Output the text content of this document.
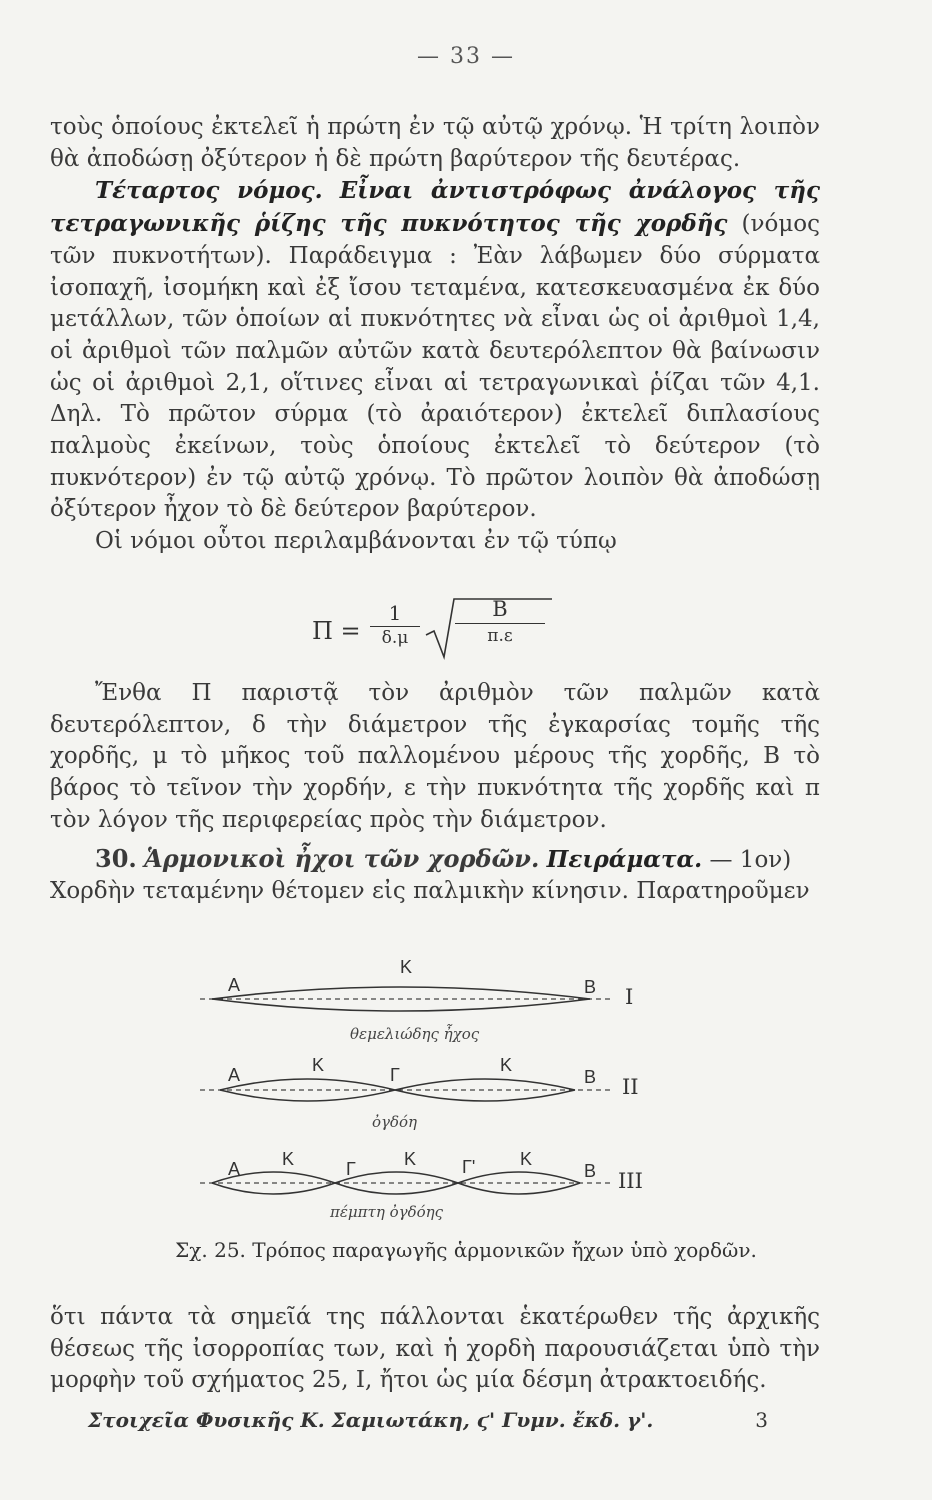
— 33 —

τοὺς ὁποίους ἐκτελεῖ ἡ πρώτη ἐν τῷ αὐτῷ χρόνῳ. Ἡ τρίτη λοιπὸν θὰ ἀποδώσῃ ὀξύτερον ἡ δὲ πρώτη βαρύτερον τῆς δευτέρας.

Τέταρτος νόμος. Εἶναι ἀντιστρόφως ἀνάλογος τῆς τετραγωνικῆς ῥίζης τῆς πυκνότητος τῆς χορδῆς (νόμος τῶν πυκνοτήτων). Παράδειγμα : Ἐὰν λάβωμεν δύο σύρματα ἰσοπαχῆ, ἰσομήκη καὶ ἐξ ἴσου τεταμένα, κατεσκευασμένα ἐκ δύο μετάλλων, τῶν ὁποίων αἱ πυκνότητες νὰ εἶναι ὡς οἱ ἀριθμοὶ 1,4, οἱ ἀριθμοὶ τῶν παλμῶν αὐτῶν κατὰ δευτερόλεπτον θὰ βαίνωσιν ὡς οἱ ἀριθμοὶ 2,1, οἵτινες εἶναι αἱ τετραγωνικαὶ ῥίζαι τῶν 4,1. Δηλ. Τὸ πρῶτον σύρμα (τὸ ἀραιότερον) ἐκτελεῖ διπλασίους παλμοὺς ἐκείνων, τοὺς ὁποίους ἐκτελεῖ τὸ δεύτερον (τὸ πυκνότερον) ἐν τῷ αὐτῷ χρόνῳ. Τὸ πρῶτον λοιπὸν θὰ ἀποδώσῃ ὀξύτερον ἦχον τὸ δὲ δεύτερον βαρύτερον.

Οἱ νόμοι οὗτοι περιλαμβάνονται ἐν τῷ τύπῳ

Π =
1
δ.μ
Β
π.ε

Ἔνθα Π παριστᾷ τὸν ἀριθμὸν τῶν παλμῶν κατὰ δευτερόλεπτον, δ τὴν διάμετρον τῆς ἐγκαρσίας τομῆς τῆς χορδῆς, μ τὸ μῆκος τοῦ παλλομένου μέρους τῆς χορδῆς, Β τὸ βάρος τὸ τεῖνον τὴν χορδήν, ε τὴν πυκνότητα τῆς χορδῆς καὶ π τὸν λόγον τῆς περιφερείας πρὸς τὴν διάμετρον.

30. Ἁρμονικοὶ ἦχοι τῶν χορδῶν. Πειράματα. — 1ον)

Χορδὴν τεταμένην θέτομεν εἰς παλμικὴν κίνησιν. Παρατηροῦμεν

Α
Κ
Β Ι
θεμελιώδης ἦχος
Α	Κ	Γ	Κ
Β ΙΙ
ὀγδόη
Α Κ	Γ	Κ	Γ' Κ
Β ΙΙΙ
πέμπτη ὀγδόης
Σχ. 25. Τρόπος παραγωγῆς ἁρμονικῶν ἤχων ὑπὸ χορδῶν.

ὅτι πάντα τὰ σημεῖά της πάλλονται ἑκατέρωθεν τῆς ἀρχικῆς θέσεως τῆς ἰσορροπίας των, καὶ ἡ χορδὴ παρουσιάζεται ὑπὸ τὴν μορφὴν τοῦ σχήματος 25, Ι, ἤτοι ὡς μία δέσμη ἀτρακτοειδής.

Στοιχεῖα Φυσικῆς Κ. Σαμιωτάκη, ϛ' Γυμν. ἔκδ. γ'.	3
